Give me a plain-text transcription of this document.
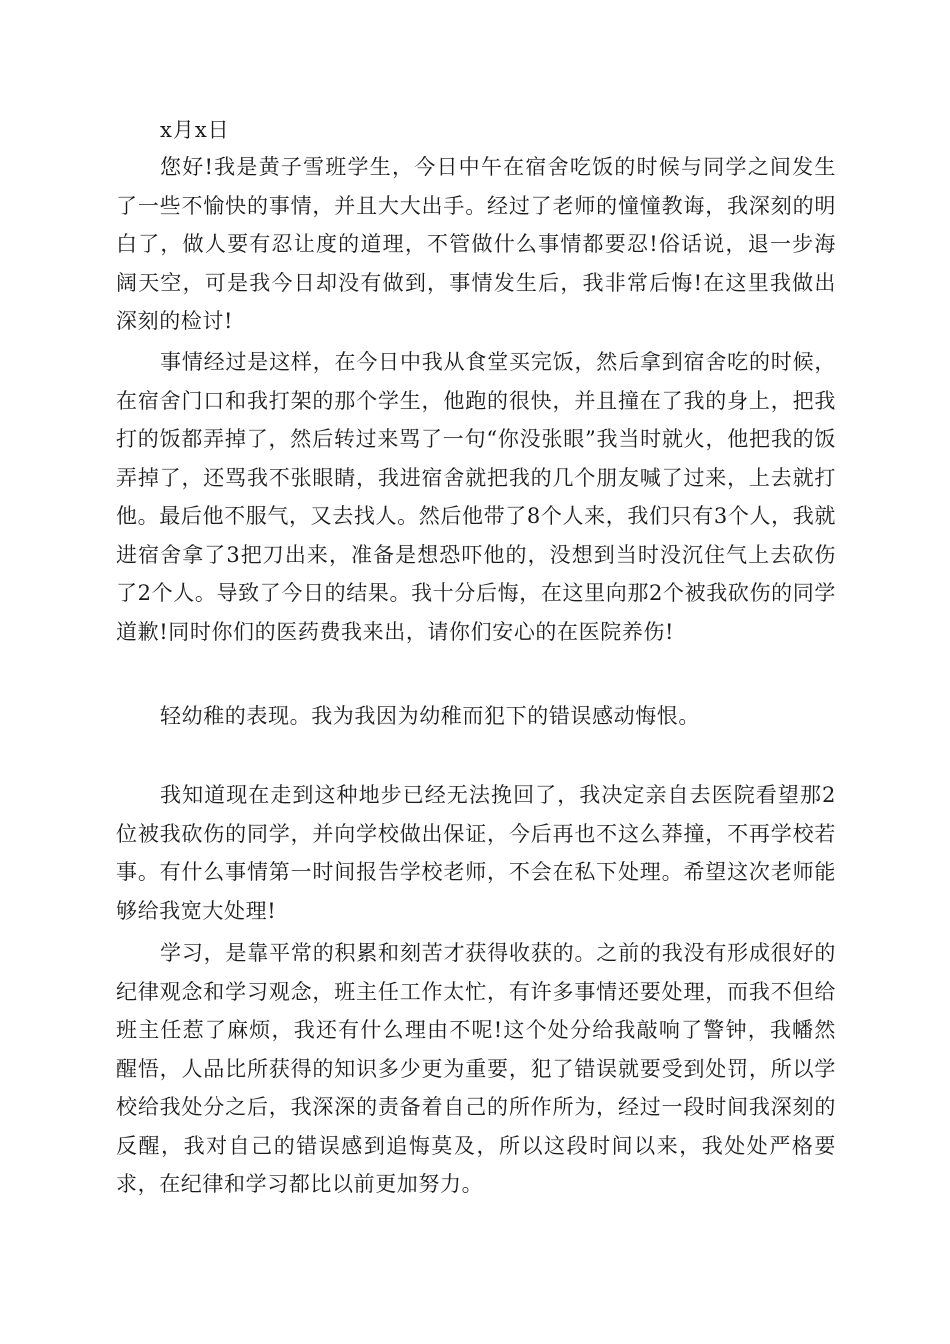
x月x日

您好!我是黄子雪班学生，今日中午在宿舍吃饭的时候与同学之间发生了一些不愉快的事情，并且大大出手。经过了老师的憧憧教诲，我深刻的明白了，做人要有忍让度的道理，不管做什么事情都要忍!俗话说，退一步海阔天空，可是我今日却没有做到，事情发生后，我非常后悔!在这里我做出深刻的检讨!

事情经过是这样，在今日中我从食堂买完饭，然后拿到宿舍吃的时候，在宿舍门口和我打架的那个学生，他跑的很快，并且撞在了我的身上，把我打的饭都弄掉了，然后转过来骂了一句“你没张眼”我当时就火，他把我的饭弄掉了，还骂我不张眼睛，我进宿舍就把我的几个朋友喊了过来，上去就打他。最后他不服气，又去找人。然后他带了8个人来，我们只有3个人，我就进宿舍拿了3把刀出来，准备是想恐吓他的，没想到当时没沉住气上去砍伤了2个人。导致了今日的结果。我十分后悔，在这里向那2个被我砍伤的同学道歉!同时你们的医药费我来出，请你们安心的在医院养伤!

轻幼稚的表现。我为我因为幼稚而犯下的错误感动悔恨。

我知道现在走到这种地步已经无法挽回了，我决定亲自去医院看望那2位被我砍伤的同学，并向学校做出保证，今后再也不这么莽撞，不再学校若事。有什么事情第一时间报告学校老师，不会在私下处理。希望这次老师能够给我宽大处理!

学习，是靠平常的积累和刻苦才获得收获的。之前的我没有形成很好的纪律观念和学习观念，班主任工作太忙，有许多事情还要处理，而我不但给班主任惹了麻烦，我还有什么理由不呢!这个处分给我敲响了警钟，我幡然醒悟，人品比所获得的知识多少更为重要，犯了错误就要受到处罚，所以学校给我处分之后，我深深的责备着自己的所作所为，经过一段时间我深刻的反醒，我对自己的错误感到追悔莫及，所以这段时间以来，我处处严格要求，在纪律和学习都比以前更加努力。
